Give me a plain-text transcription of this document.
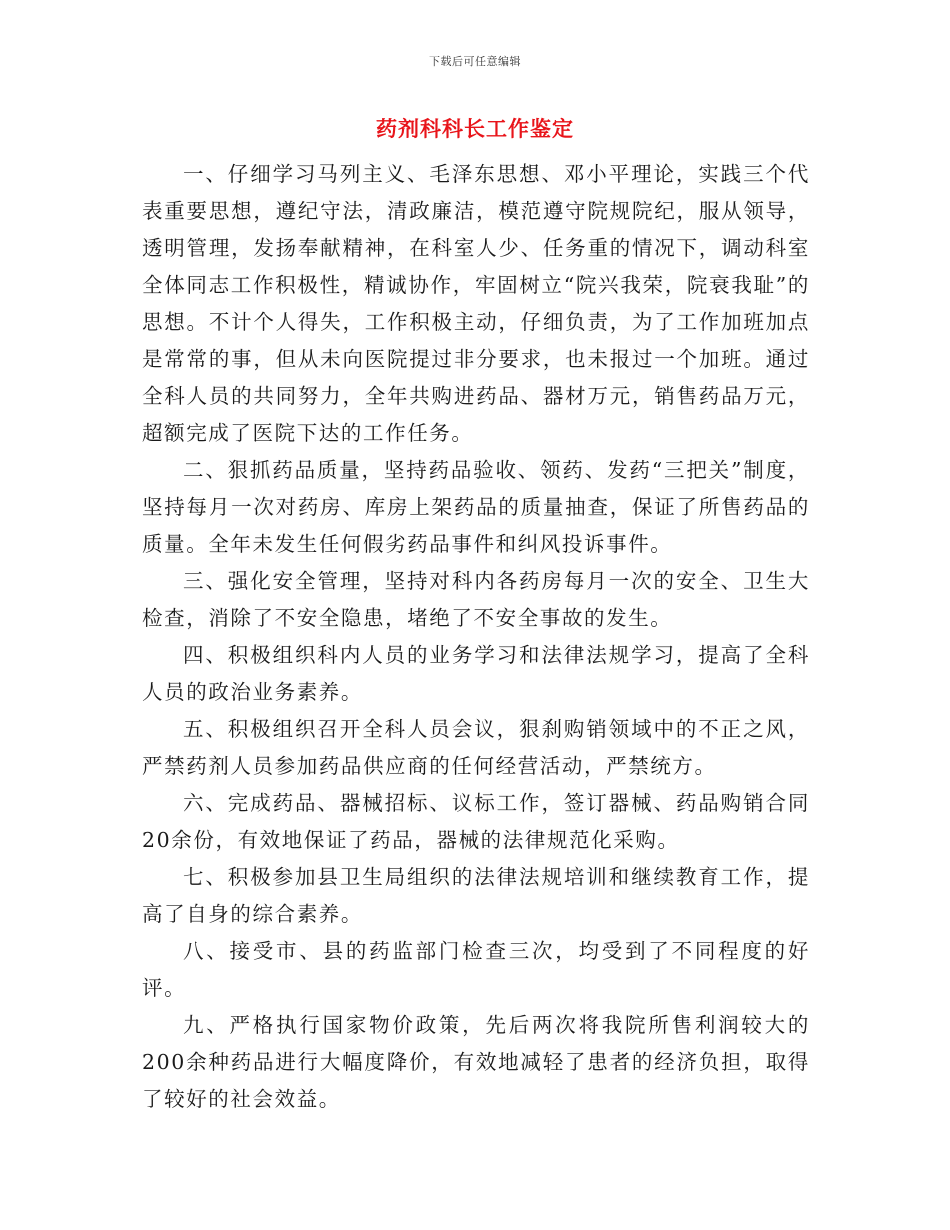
下载后可任意编辑
药剂科科长工作鉴定

一、仔细学习马列主义、毛泽东思想、邓小平理论，实践三个代表重要思想，遵纪守法，清政廉洁，模范遵守院规院纪，服从领导，透明管理，发扬奉献精神，在科室人少、任务重的情况下，调动科室全体同志工作积极性，精诚协作，牢固树立“院兴我荣，院衰我耻”的思想。不计个人得失，工作积极主动，仔细负责，为了工作加班加点是常常的事，但从未向医院提过非分要求，也未报过一个加班。通过全科人员的共同努力，全年共购进药品、器材万元，销售药品万元，超额完成了医院下达的工作任务。

二、狠抓药品质量，坚持药品验收、领药、发药“三把关”制度，坚持每月一次对药房、库房上架药品的质量抽查，保证了所售药品的质量。全年未发生任何假劣药品事件和纠风投诉事件。

三、强化安全管理，坚持对科内各药房每月一次的安全、卫生大检查，消除了不安全隐患，堵绝了不安全事故的发生。

四、积极组织科内人员的业务学习和法律法规学习，提高了全科人员的政治业务素养。

五、积极组织召开全科人员会议，狠刹购销领域中的不正之风，严禁药剂人员参加药品供应商的任何经营活动，严禁统方。

六、完成药品、器械招标、议标工作，签订器械、药品购销合同20余份，有效地保证了药品，器械的法律规范化采购。

七、积极参加县卫生局组织的法律法规培训和继续教育工作，提高了自身的综合素养。

八、接受市、县的药监部门检查三次，均受到了不同程度的好评。

九、严格执行国家物价政策，先后两次将我院所售利润较大的200余种药品进行大幅度降价，有效地减轻了患者的经济负担，取得了较好的社会效益。
